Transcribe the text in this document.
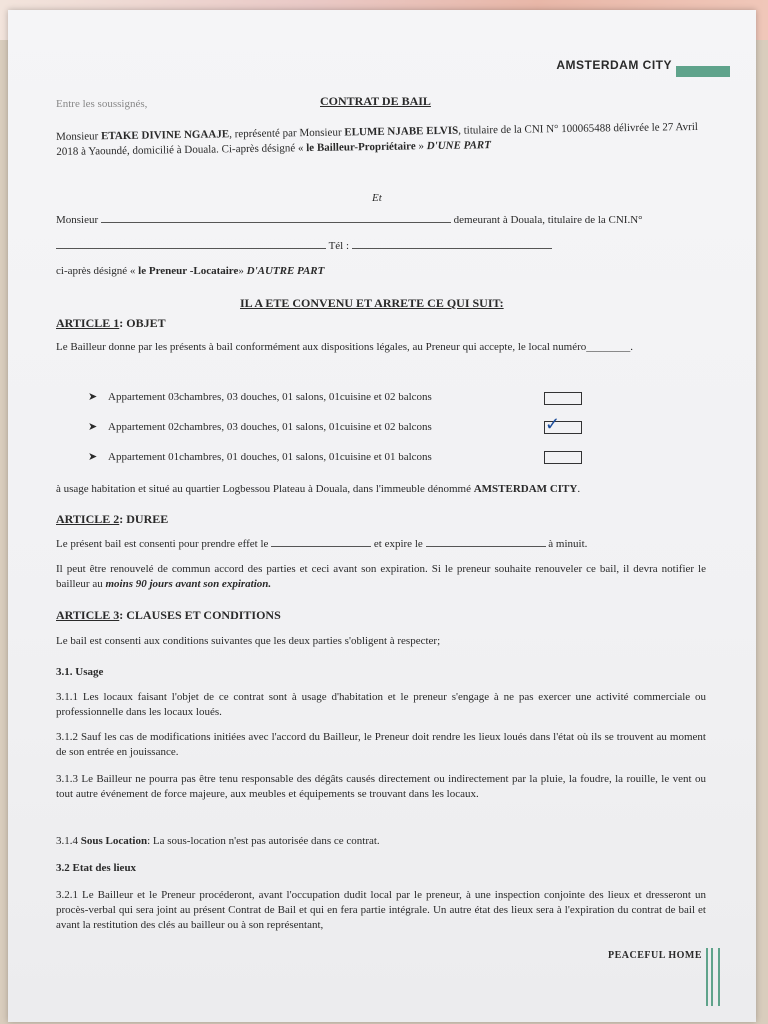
AMSTERDAM CITY
Entre les soussignés,	CONTRAT DE BAIL
Monsieur ETAKE DIVINE NGAAJE, représenté par Monsieur ELUME NJABE ELVIS, titulaire de la CNI N° 100065488 délivrée le 27 Avril 2018 à Yaoundé, domicilié à Douala. Ci-après désigné « le Bailleur-Propriétaire » D'UNE PART
Et
Monsieur	demeurant à Douala, titulaire de la CNI.N°
Tél :
ci-après désigné « le Preneur -Locataire» D'AUTRE PART
IL A ETE CONVENU ET ARRETE CE QUI SUIT:
ARTICLE 1: OBJET
Le Bailleur donne par les présents à bail conformément aux dispositions légales, au Preneur qui accepte, le local numéro________.
➤ Appartement 03chambres, 03 douches, 01 salons, 01cuisine et 02 balcons
➤ Appartement 02chambres, 03 douches, 01 salons, 01cuisine et 02 balcons	✓
➤ Appartement 01chambres, 01 douches, 01 salons, 01cuisine et 01 balcons
à usage habitation et situé au quartier Logbessou Plateau à Douala, dans l'immeuble dénommé AMSTERDAM CITY.
ARTICLE 2: DUREE
Le présent bail est consenti pour prendre effet le	et expire le	à minuit.
Il peut être renouvelé de commun accord des parties et ceci avant son expiration. Si le preneur souhaite renouveler ce bail, il devra notifier le bailleur au moins 90 jours avant son expiration.
ARTICLE 3: CLAUSES ET CONDITIONS
Le bail est consenti aux conditions suivantes que les deux parties s'obligent à respecter;
3.1. Usage
3.1.1 Les locaux faisant l'objet de ce contrat sont à usage d'habitation et le preneur s'engage à ne pas exercer une activité commerciale ou professionnelle dans les locaux loués.
3.1.2 Sauf les cas de modifications initiées avec l'accord du Bailleur, le Preneur doit rendre les lieux loués dans l'état où ils se trouvent au moment de son entrée en jouissance.
3.1.3 Le Bailleur ne pourra pas être tenu responsable des dégâts causés directement ou indirectement par la pluie, la foudre, la rouille, le vent ou tout autre événement de force majeure, aux meubles et équipements se trouvant dans les locaux.
3.1.4 Sous Location: La sous-location n'est pas autorisée dans ce contrat.
3.2 Etat des lieux
3.2.1 Le Bailleur et le Preneur procéderont, avant l'occupation dudit local par le preneur, à une inspection conjointe des lieux et dresseront un procès-verbal qui sera joint au présent Contrat de Bail et qui en fera partie intégrale. Un autre état des lieux sera à l'expiration du contrat de bail et avant la restitution des clés au bailleur ou à son représentant,
PEACEFUL HOME
